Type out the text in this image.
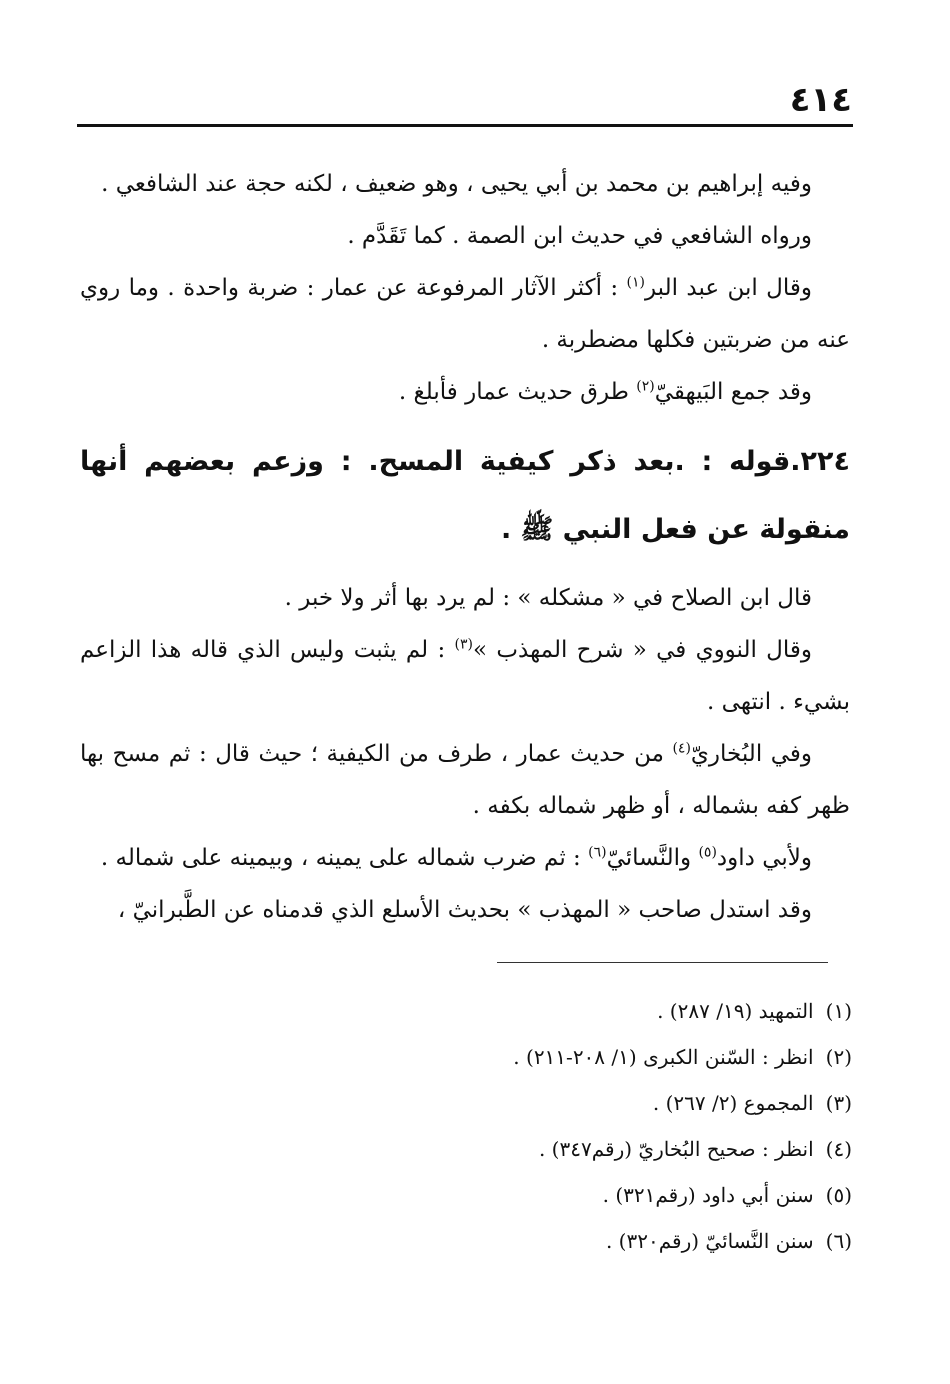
٤١٤

وفيه إبراهيم بن محمد بن أبي يحيى ، وهو ضعيف ، لكنه حجة عند الشافعي .

ورواه الشافعي في حديث ابن الصمة . كما تَقَدَّم .

وقال ابن عبد البر$^{(١)}$ : أكثر الآثار المرفوعة عن عمار : ضربة واحدة . وما روي عنه من ضربتين فكلها مضطربة .

وقد جمع البَيهقيّ$^{(٢)}$ طرق حديث عمار فأبلغ .

٢٢٤.قوله : .بعد ذكر كيفية المسح. : وزعم بعضهم أنها منقولة عن فعل النبي ﷺ .

قال ابن الصلاح في « مشكله » : لم يرد بها أثر ولا خبر .

وقال النووي في « شرح المهذب »$^{(٣)}$ : لم يثبت وليس الذي قاله هذا الزاعم بشيء . انتهى .

وفي البُخاريّ$^{(٤)}$ من حديث عمار ، طرف من الكيفية ؛ حيث قال : ثم مسح بها ظهر كفه بشماله ، أو ظهر شماله بكفه .

ولأبي داود$^{(٥)}$ والنَّسائيّ$^{(٦)}$ : ثم ضرب شماله على يمينه ، وبيمينه على شماله .

وقد استدل صاحب « المهذب » بحديث الأسلع الذي قدمناه عن الطَّبرانيّ ،

(١)التمهيد (١٩/ ٢٨٧) .

(٢)انظر : السّنن الكبرى (١/ ٢٠٨-٢١١) .

(٣)المجموع (٢/ ٢٦٧) .

(٤)انظر : صحيح البُخاريّ (رقم٣٤٧) .

(٥)سنن أبي داود (رقم٣٢١) .

(٦)سنن النَّسائيّ (رقم٣٢٠) .
